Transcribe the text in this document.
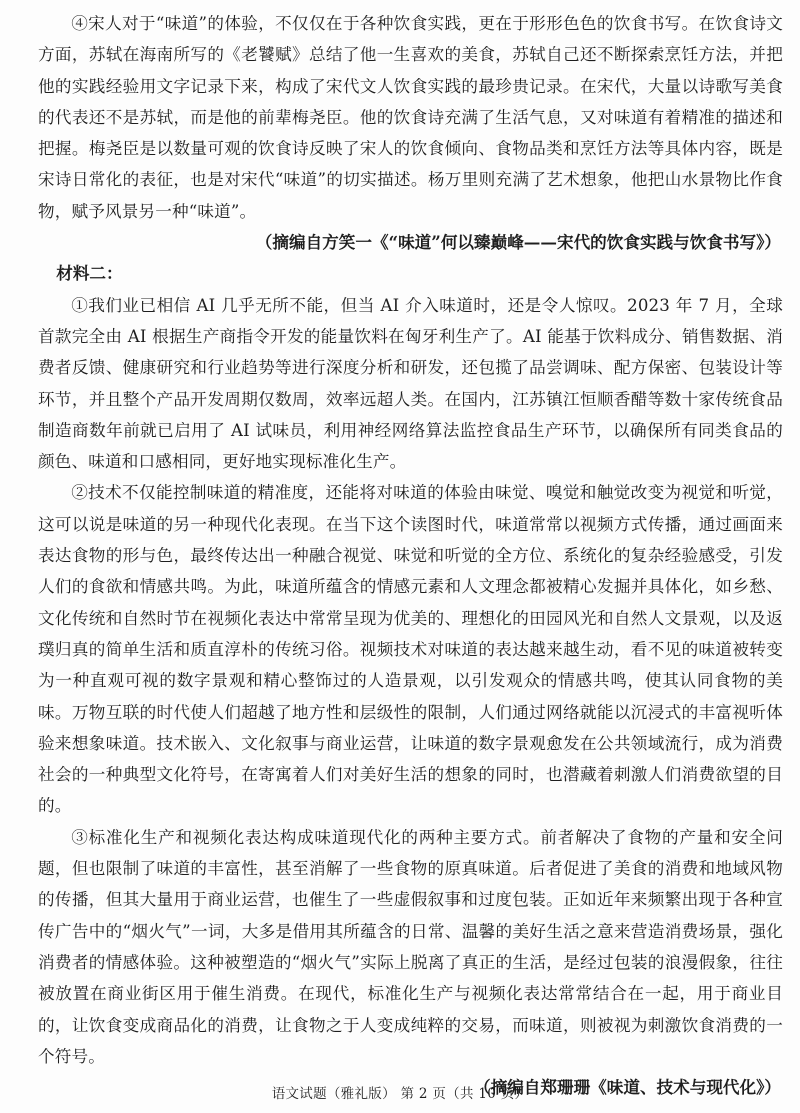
④宋人对于“味道”的体验，不仅仅在于各种饮食实践，更在于形形色色的饮食书写。在饮食诗文方面，苏轼在海南所写的《老饕赋》总结了他一生喜欢的美食，苏轼自己还不断探索烹饪方法，并把他的实践经验用文字记录下来，构成了宋代文人饮食实践的最珍贵记录。在宋代，大量以诗歌写美食的代表还不是苏轼，而是他的前辈梅尧臣。他的饮食诗充满了生活气息，又对味道有着精准的描述和把握。梅尧臣是以数量可观的饮食诗反映了宋人的饮食倾向、食物品类和烹饪方法等具体内容，既是宋诗日常化的表征，也是对宋代“味道”的切实描述。杨万里则充满了艺术想象，他把山水景物比作食物，赋予风景另一种“味道”。

（摘编自方笑一《“味道”何以臻巅峰——宋代的饮食实践与饮食书写》）

材料二：

①我们业已相信 AI 几乎无所不能，但当 AI 介入味道时，还是令人惊叹。2023 年 7 月，全球首款完全由 AI 根据生产商指令开发的能量饮料在匈牙利生产了。AI 能基于饮料成分、销售数据、消费者反馈、健康研究和行业趋势等进行深度分析和研发，还包揽了品尝调味、配方保密、包装设计等环节，并且整个产品开发周期仅数周，效率远超人类。在国内，江苏镇江恒顺香醋等数十家传统食品制造商数年前就已启用了 AI 试味员，利用神经网络算法监控食品生产环节，以确保所有同类食品的颜色、味道和口感相同，更好地实现标准化生产。

②技术不仅能控制味道的精准度，还能将对味道的体验由味觉、嗅觉和触觉改变为视觉和听觉，这可以说是味道的另一种现代化表现。在当下这个读图时代，味道常常以视频方式传播，通过画面来表达食物的形与色，最终传达出一种融合视觉、味觉和听觉的全方位、系统化的复杂经验感受，引发人们的食欲和情感共鸣。为此，味道所蕴含的情感元素和人文理念都被精心发掘并具体化，如乡愁、文化传统和自然时节在视频化表达中常常呈现为优美的、理想化的田园风光和自然人文景观，以及返璞归真的简单生活和质直淳朴的传统习俗。视频技术对味道的表达越来越生动，看不见的味道被转变为一种直观可视的数字景观和精心整饰过的人造景观，以引发观众的情感共鸣，使其认同食物的美味。万物互联的时代使人们超越了地方性和层级性的限制，人们通过网络就能以沉浸式的丰富视听体验来想象味道。技术嵌入、文化叙事与商业运营，让味道的数字景观愈发在公共领域流行，成为消费社会的一种典型文化符号，在寄寓着人们对美好生活的想象的同时，也潜藏着刺激人们消费欲望的目的。

③标准化生产和视频化表达构成味道现代化的两种主要方式。前者解决了食物的产量和安全问题，但也限制了味道的丰富性，甚至消解了一些食物的原真味道。后者促进了美食的消费和地域风物的传播，但其大量用于商业运营，也催生了一些虚假叙事和过度包装。正如近年来频繁出现于各种宣传广告中的“烟火气”一词，大多是借用其所蕴含的日常、温馨的美好生活之意来营造消费场景，强化消费者的情感体验。这种被塑造的“烟火气”实际上脱离了真正的生活，是经过包装的浪漫假象，往往被放置在商业街区用于催生消费。在现代，标准化生产与视频化表达常常结合在一起，用于商业目的，让饮食变成商品化的消费，让食物之于人变成纯粹的交易，而味道，则被视为刺激饮食消费的一个符号。

（摘编自郑珊珊《味道、技术与现代化》）

语文试题（雅礼版） 第 2 页（共 10 页）
